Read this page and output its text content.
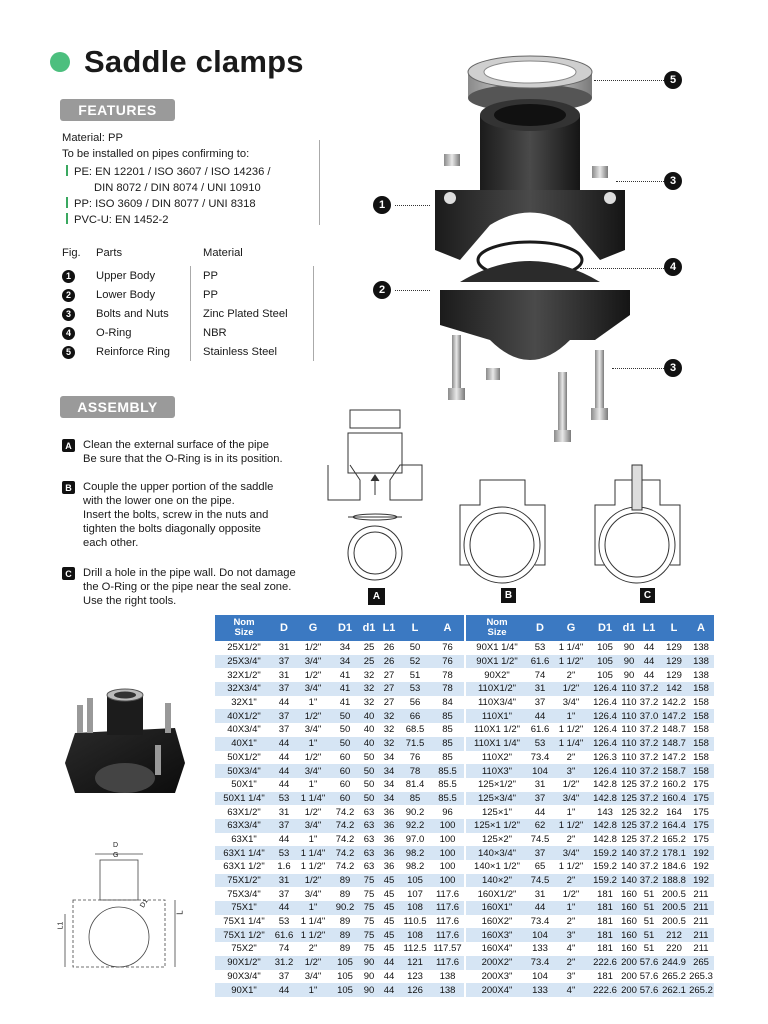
Saddle clamps
FEATURES
Material: PP
To be installed on pipes confirming to:
PE: EN 12201 / ISO 3607 / ISO 14236 /
DIN 8072 / DIN 8074 / UNI 10910
PP: ISO 3609 / DIN 8077 / UNI 8318
PVC-U: EN 1452-2
Fig.	Parts	Material
1	Upper Body	PP
2	Lower Body	PP
3	Bolts and Nuts	Zinc Plated Steel
4	O-Ring	NBR
5	Reinforce Ring	Stainless Steel
ASSEMBLY
A Clean the external surface of the pipe
Be sure that the O-Ring is in its position.
B Couple the upper portion of the saddle
with the lower one on the pipe.
Insert the bolts, screw in the nuts and
tighten the bolts diagonally opposite
each other.
C Drill a hole in the pipe wall. Do not damage
the O-Ring or the pipe near the seal zone.
Use the right tools.
5
3
1
4
2
3
A	B	C
D
G
D1
L1
L
Nom
Size	D	G	D1	d1	L1	L	A
25X1/2"	31	1/2"	34	25	26	50	76
25X3/4"	37	3/4"	34	25	26	52	76
32X1/2"	31	1/2"	41	32	27	51	78
32X3/4"	37	3/4"	41	32	27	53	78
32X1"	44	1"	41	32	27	56	84
40X1/2"	37	1/2"	50	40	32	66	85
40X3/4"	37	3/4"	50	40	32	68.5	85
40X1"	44	1"	50	40	32	71.5	85
50X1/2"	44	1/2"	60	50	34	76	85
50X3/4"	44	3/4"	60	50	34	78	85.5
50X1"	44	1"	60	50	34	81.4	85.5
50X1 1/4"	53	1 1/4"	60	50	34	85	85.5
63X1/2"	31	1/2"	74.2	63	36	90.2	96
63X3/4"	37	3/4"	74.2	63	36	92.2	100
63X1"	44	1"	74.2	63	36	97.0	100
63X1 1/4"	53	1 1/4"	74.2	63	36	98.2	100
63X1 1/2"	1.6	1 1/2"	74.2	63	36	98.2	100
75X1/2"	31	1/2"	89	75	45	105	100
75X3/4"	37	3/4"	89	75	45	107	117.6
75X1"	44	1"	90.2	75	45	108	117.6
75X1 1/4"	53	1 1/4"	89	75	45	110.5	117.6
75X1 1/2"	61.6	1 1/2"	89	75	45	108	117.6
75X2"	74	2"	89	75	45	112.5	117.57
90X1/2"	31.2	1/2"	105	90	44	121	117.6
90X3/4"	37	3/4"	105	90	44	123	138
90X1"	44	1"	105	90	44	126	138
Nom
Size	D	G	D1	d1	L1	L	A
90X1 1/4"	53	1 1/4"	105	90	44	129	138
90X1 1/2"	61.6	1 1/2"	105	90	44	129	138
90X2"	74	2"	105	90	44	129	138
110X1/2"	31	1/2"	126.4	110	37.2	142	158
110X3/4"	37	3/4"	126.4	110	37.2	142.2	158
110X1"	44	1"	126.4	110	37.0	147.2	158
110X1 1/2"	61.6	1 1/2"	126.4	110	37.2	148.7	158
110X1 1/4"	53	1 1/4"	126.4	110	37.2	148.7	158
110X2"	73.4	2"	126.3	110	37.2	147.2	158
110X3"	104	3"	126.4	110	37.2	158.7	158
125×1/2"	31	1/2"	142.8	125	37.2	160.2	175
125×3/4"	37	3/4"	142.8	125	37.2	160.4	175
125×1"	44	1"	143	125	32.2	164	175
125×1 1/2"	62	1 1/2"	142.8	125	37.2	164.4	175
125×2"	74.5	2"	142.8	125	37.2	165.2	175
140×3/4"	37	3/4"	159.2	140	37.2	178.1	192
140×1 1/2"	65	1 1/2"	159.2	140	37.2	184.6	192
140×2"	74.5	2"	159.2	140	37.2	188.8	192
160X1/2"	31	1/2"	181	160	51	200.5	211
160X1"	44	1"	181	160	51	200.5	211
160X2"	73.4	2"	181	160	51	200.5	211
160X3"	104	3"	181	160	51	212	211
160X4"	133	4"	181	160	51	220	211
200X2"	73.4	2"	222.6	200	57.6	244.9	265
200X3"	104	3"	181	200	57.6	265.2	265.3
200X4"	133	4"	222.6	200	57.6	262.1	265.2
